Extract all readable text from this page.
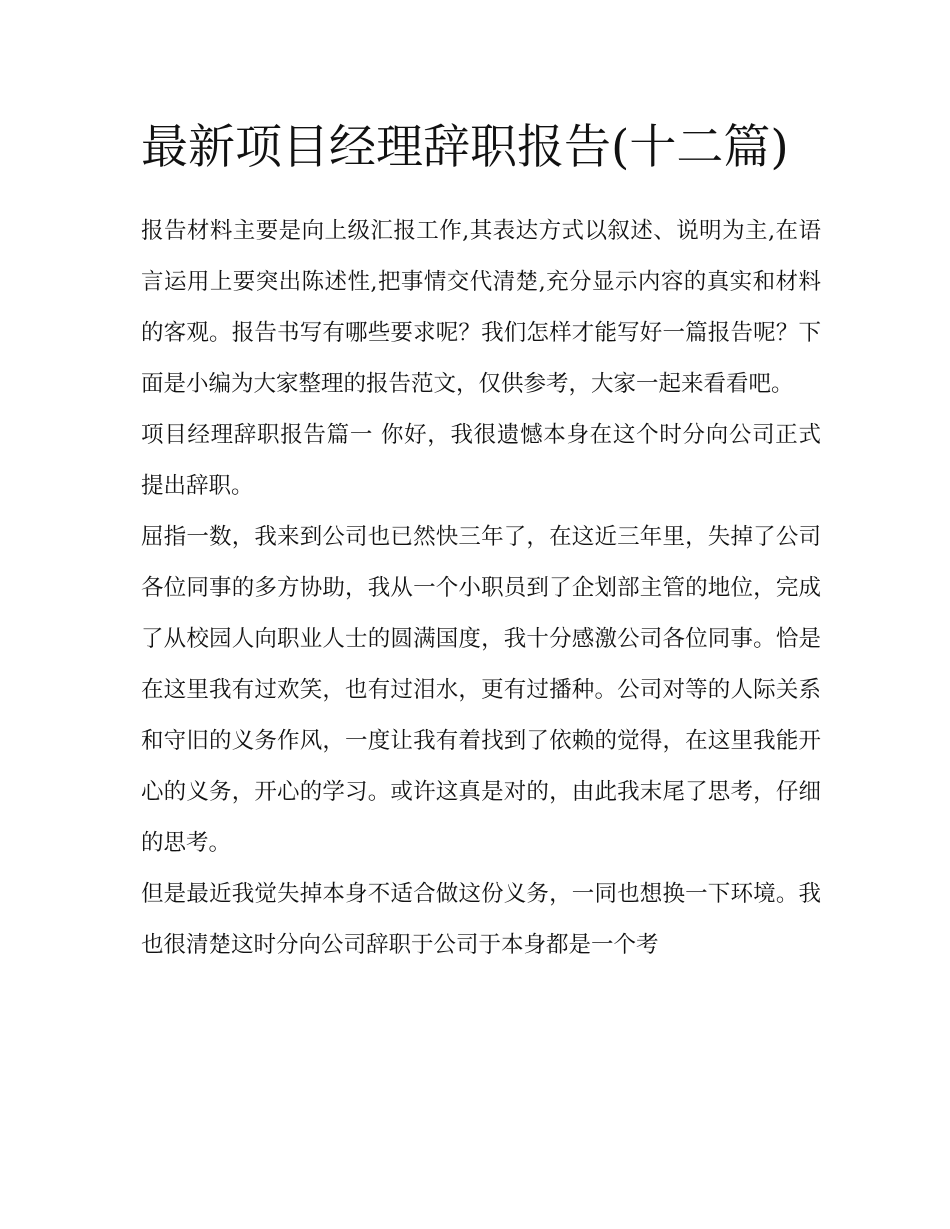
最新项目经理辞职报告(十二篇)

报告材料主要是向上级汇报工作,其表达方式以叙述、说明为主,在语言运用上要突出陈述性,把事情交代清楚,充分显示内容的真实和材料的客观。报告书写有哪些要求呢？我们怎样才能写好一篇报告呢？下面是小编为大家整理的报告范文，仅供参考，大家一起来看看吧。

项目经理辞职报告篇一 你好，我很遗憾本身在这个时分向公司正式提出辞职。

屈指一数，我来到公司也已然快三年了，在这近三年里，失掉了公司各位同事的多方协助，我从一个小职员到了企划部主管的地位，完成了从校园人向职业人士的圆满国度，我十分感激公司各位同事。恰是在这里我有过欢笑，也有过泪水，更有过播种。公司对等的人际关系和守旧的义务作风，一度让我有着找到了依赖的觉得，在这里我能开心的义务，开心的学习。或许这真是对的，由此我末尾了思考，仔细的思考。

但是最近我觉失掉本身不适合做这份义务，一同也想换一下环境。我也很清楚这时分向公司辞职于公司于本身都是一个考
